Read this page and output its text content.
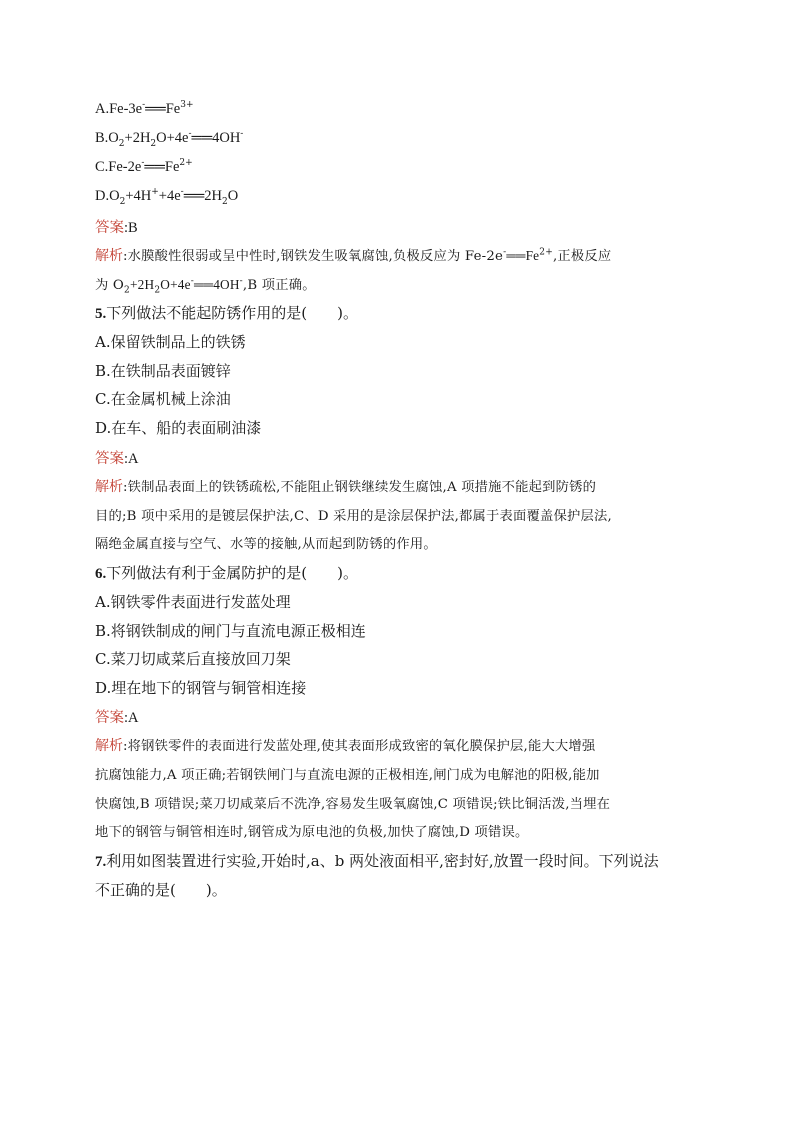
$A.Fe-3e^-══Fe^{3+}$
$B.O_2+2H_2O+4e^-══4OH^-$
$C.Fe-2e^-══Fe^{2+}$
$D.O_2+4H^++4e^-══2H_2O$
答案:B
解析:水膜酸性很弱或呈中性时,钢铁发生吸氧腐蚀,负极反应为 $Fe-2e^-══Fe^{2+}$,正极反应
为 $O_2+2H_2O+4e^-══4OH^-,B$ 项正确。
5.下列做法不能起防锈作用的是(　　)。
A.保留铁制品上的铁锈
B.在铁制品表面镀锌
C.在金属机械上涂油
D.在车、船的表面刷油漆
答案:A
解析:铁制品表面上的铁锈疏松,不能阻止钢铁继续发生腐蚀,A 项措施不能起到防锈的
目的;B 项中采用的是镀层保护法,C、D 采用的是涂层保护法,都属于表面覆盖保护层法,
隔绝金属直接与空气、水等的接触,从而起到防锈的作用。
6.下列做法有利于金属防护的是(　　)。
A.钢铁零件表面进行发蓝处理
B.将钢铁制成的闸门与直流电源正极相连
C.菜刀切咸菜后直接放回刀架
D.埋在地下的钢管与铜管相连接
答案:A
解析:将钢铁零件的表面进行发蓝处理,使其表面形成致密的氧化膜保护层,能大大增强
抗腐蚀能力,A 项正确;若钢铁闸门与直流电源的正极相连,闸门成为电解池的阳极,能加
快腐蚀,B 项错误;菜刀切咸菜后不洗净,容易发生吸氧腐蚀,C 项错误;铁比铜活泼,当埋在
地下的钢管与铜管相连时,钢管成为原电池的负极,加快了腐蚀,D 项错误。
7.利用如图装置进行实验,开始时,a、b 两处液面相平,密封好,放置一段时间。下列说法
不正确的是(　　)。
